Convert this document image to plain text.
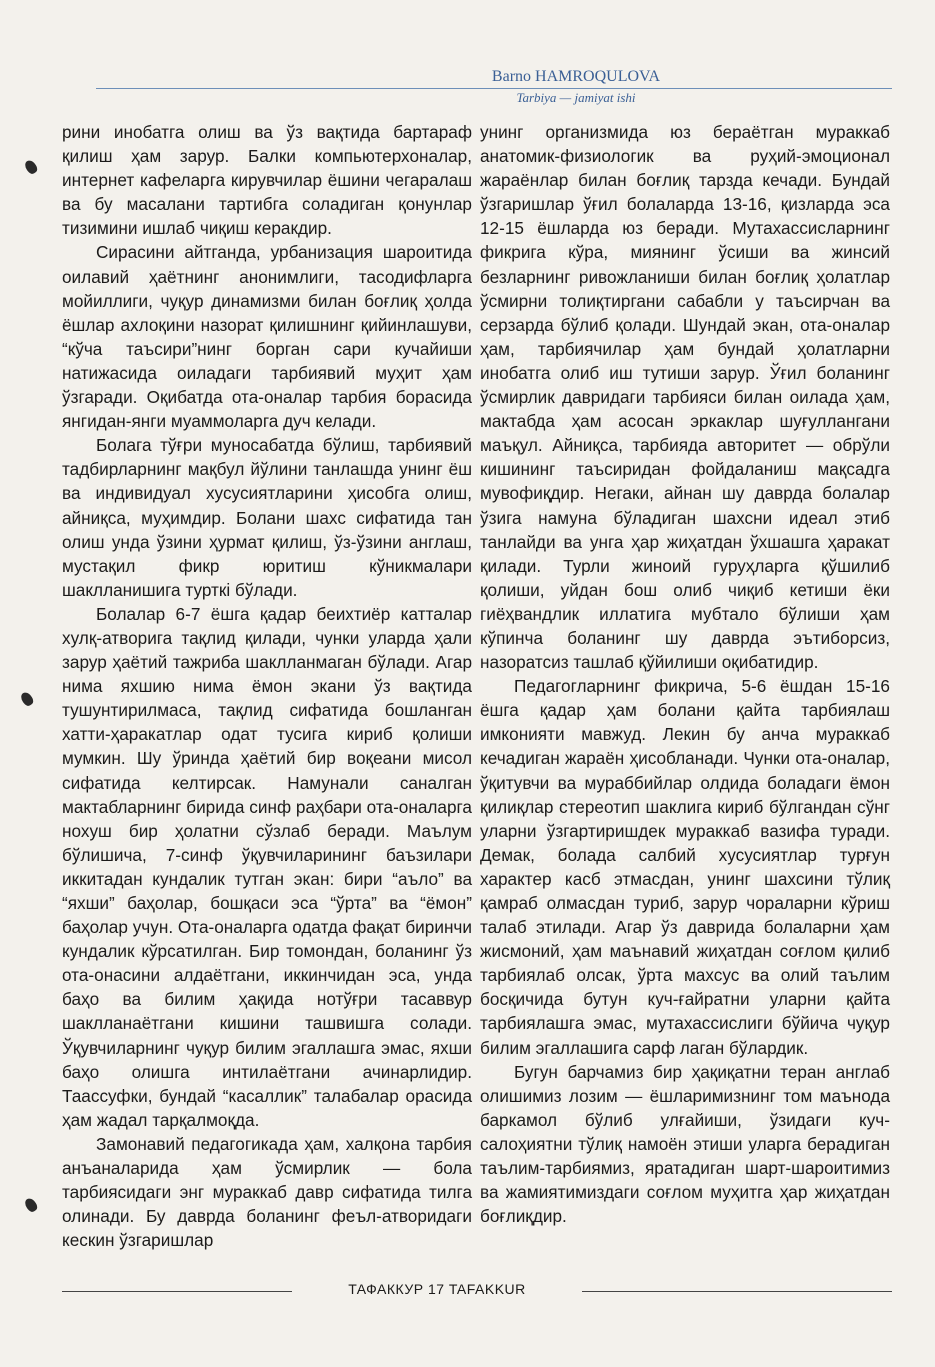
Barno HAMROQULOVA
Tarbiya — jamiyat ishi

рини инобатга олиш ва ўз вақтида бартараф қилиш ҳам зарур. Балки компьютерхоналар, интернет кафеларга кирувчилар ёшини чегаралаш ва бу масалани тартибга соладиган қонунлар тизимини ишлаб чиқиш керакдир.

Сирасини айтганда, урбанизация шароитида оилавий ҳаётнинг анонимлиги, тасодифларга мойиллиги, чуқур динамизми билан боғлиқ ҳолда ёшлар ахлоқини назорат қилишнинг қийинлашуви, “кўча таъсири”нинг борган сари кучайиши натижасида оиладаги тарбиявий муҳит ҳам ўзгаради. Оқибатда ота-оналар тарбия борасида янгидан-янги муаммоларга дуч келади.

Болага тўғри муносабатда бўлиш, тарбиявий тадбирларнинг мақбул йўлини танлашда унинг ёш ва индивидуал хусусиятларини ҳисобга олиш, айниқса, муҳимдир. Болани шахс сифатида тан олиш унда ўзини ҳурмат қилиш, ўз-ўзини англаш, мустақил фикр юритиш кўникмалари шаклланишига турткі бўлади.

Болалар 6-7 ёшга қадар беихтиёр катталар хулқ-атворига тақлид қилади, чунки уларда ҳали зарур ҳаётий тажриба шаклланмаган бўлади. Агар нима яхшию нима ёмон экани ўз вақтида тушунтирилмаса, тақлид сифатида бошланган хатти-ҳаракатлар одат тусига кириб қолиши мумкин. Шу ўринда ҳаётий бир воқеани мисол сифатида келтирсак. Намунали саналган мактабларнинг бирида синф раҳбари ота-оналарга нохуш бир ҳолатни сўзлаб беради. Маълум бўлишича, 7-синф ўқувчиларининг баъзилари иккитадан кундалик тутган экан: бири “аъло” ва “яхши” баҳолар, бошқаси эса “ўрта” ва “ёмон” баҳолар учун. Ота-оналарга одатда фақат биринчи кундалик кўрсатилган. Бир томондан, боланинг ўз ота-онасини алдаётгани, иккинчидан эса, унда баҳо ва билим ҳақида нотўғри тасаввур шаклланаётгани кишини ташвишга солади. Ўқувчиларнинг чуқур билим эгаллашга эмас, яхши баҳо олишга интилаётгани ачинарлидир. Таассуфки, бундай “касаллик” талабалар орасида ҳам жадал тарқалмоқда.

Замонавий педагогикада ҳам, халқона тарбия анъаналарида ҳам ўсмирлик — бола тарбиясидаги энг мураккаб давр сифатида тилга олинади. Бу даврда боланинг феъл-атворидаги кескин ўзгаришлар

унинг организмида юз бераётган мураккаб анатомик-физиологик ва руҳий-эмоционал жараёнлар билан боғлиқ тарзда кечади. Бундай ўзгаришлар ўғил болаларда 13-16, қизларда эса 12-15 ёшларда юз беради. Мутахассисларнинг фикрига кўра, миянинг ўсиши ва жинсий безларнинг ривожланиши билан боғлиқ ҳолатлар ўсмирни толиқтиргани сабабли у таъсирчан ва серзарда бўлиб қолади. Шундай экан, ота-оналар ҳам, тарбиячилар ҳам бундай ҳолатларни инобатга олиб иш тутиши зарур. Ўғил боланинг ўсмирлик давридаги тарбияси билан оилада ҳам, мактабда ҳам асосан эркаклар шуғуллангани маъқул. Айниқса, тарбияда авторитет — обрўли кишининг таъсиридан фойдаланиш мақсадга мувофиқдир. Негаки, айнан шу даврда болалар ўзига намуна бўладиган шахсни идеал этиб танлайди ва унга ҳар жиҳатдан ўхшашга ҳаракат қилади. Турли жиноий гуруҳларга қўшилиб қолиши, уйдан бош олиб чиқиб кетиши ёки гиёҳвандлик иллатига мубтало бўлиши ҳам кўпинча боланинг шу даврда эътиборсиз, назоратсиз ташлаб қўйилиши оқибатидир.

Педагогларнинг фикрича, 5-6 ёшдан 15-16 ёшга қадар ҳам болани қайта тарбиялаш имконияти мавжуд. Лекин бу анча мураккаб кечадиган жараён ҳисобланади. Чунки ота-оналар, ўқитувчи ва мураббийлар олдида боладаги ёмон қилиқлар стереотип шаклига кириб бўлгандан сўнг уларни ўзгартиришдек мураккаб вазифа туради. Демак, болада салбий хусусиятлар турғун характер касб этмасдан, унинг шахсини тўлиқ қамраб олмасдан туриб, зарур чораларни кўриш талаб этилади. Агар ўз даврида болаларни ҳам жисмоний, ҳам маънавий жиҳатдан соғлом қилиб тарбиялаб олсак, ўрта махсус ва олий таълим босқичида бутун куч-ғайратни уларни қайта тарбиялашга эмас, мутахассислиги бўйича чуқур билим эгаллашига сарф лаган бўлардик.

Бугун барчамиз бир ҳақиқатни теран англаб олишимиз лозим — ёшларимизнинг том маънода баркамол бўлиб улғайиши, ўзидаги куч-салоҳиятни тўлиқ намоён этиши уларга берадиган таълим-тарбиямиз, яратадиган шарт-шароитимиз ва жамиятимиздаги соғлом муҳитга ҳар жиҳатдан боғлиқдир.

ТАФАККУР 17 TAFAKKUR
